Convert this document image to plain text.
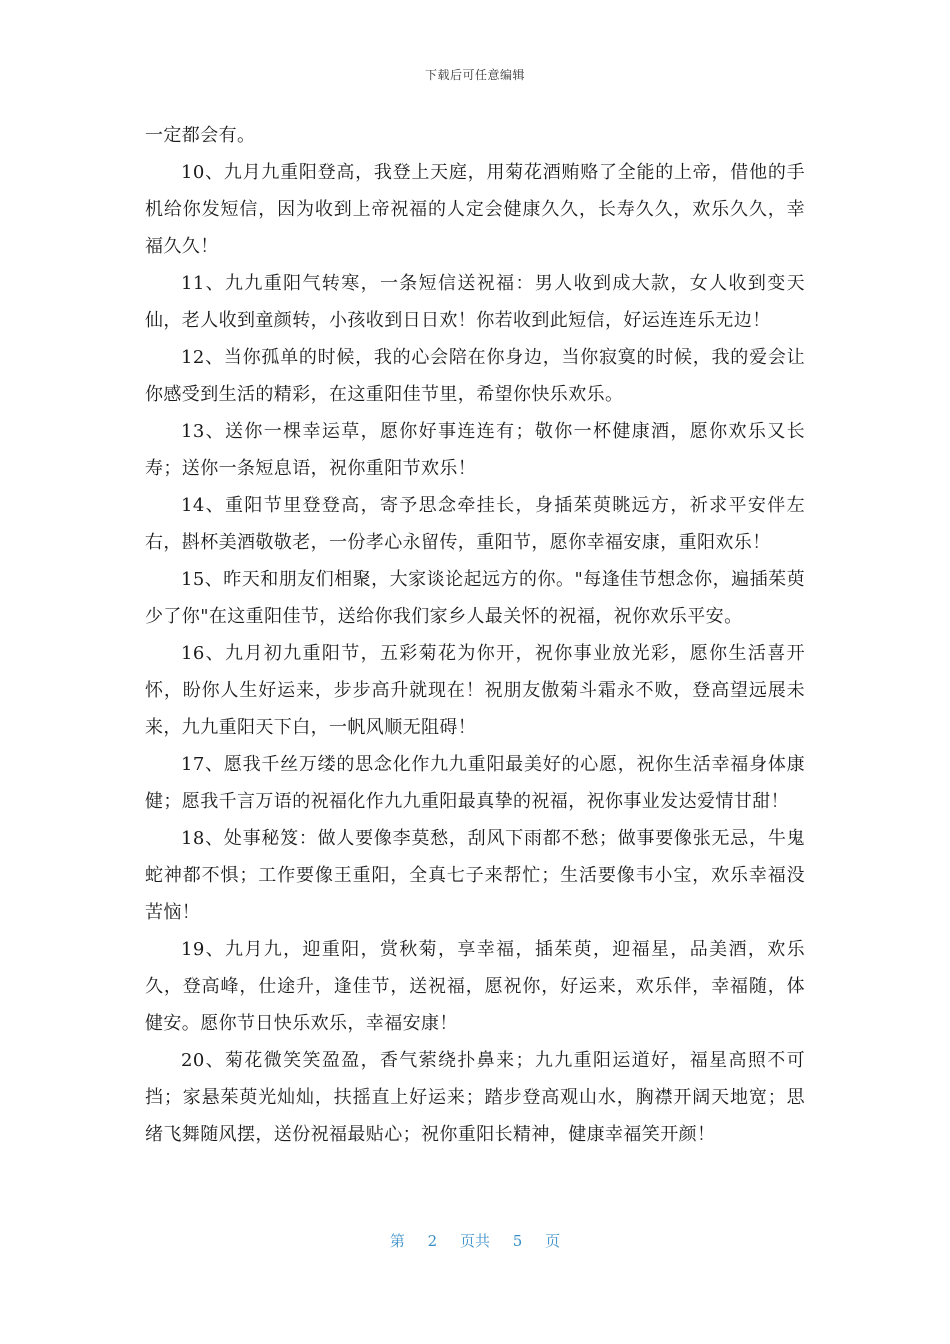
下载后可任意编辑

一定都会有。

10、九月九重阳登高，我登上天庭，用菊花酒贿赂了全能的上帝，借他的手机给你发短信，因为收到上帝祝福的人定会健康久久，长寿久久，欢乐久久，幸福久久！

11、九九重阳气转寒，一条短信送祝福：男人收到成大款，女人收到变天仙，老人收到童颜转，小孩收到日日欢！你若收到此短信，好运连连乐无边！

12、当你孤单的时候，我的心会陪在你身边，当你寂寞的时候，我的爱会让你感受到生活的精彩，在这重阳佳节里，希望你快乐欢乐。

13、送你一棵幸运草，愿你好事连连有；敬你一杯健康酒，愿你欢乐又长寿；送你一条短息语，祝你重阳节欢乐！

14、重阳节里登登高，寄予思念牵挂长，身插茱萸眺远方，祈求平安伴左右，斟杯美酒敬敬老，一份孝心永留传，重阳节，愿你幸福安康，重阳欢乐！

15、昨天和朋友们相聚，大家谈论起远方的你。"每逢佳节想念你，遍插茱萸少了你"在这重阳佳节，送给你我们家乡人最关怀的祝福，祝你欢乐平安。

16、九月初九重阳节，五彩菊花为你开，祝你事业放光彩，愿你生活喜开怀，盼你人生好运来，步步高升就现在！祝朋友傲菊斗霜永不败，登高望远展未来，九九重阳天下白，一帆风顺无阻碍！

17、愿我千丝万缕的思念化作九九重阳最美好的心愿，祝你生活幸福身体康健；愿我千言万语的祝福化作九九重阳最真挚的祝福，祝你事业发达爱情甘甜！

18、处事秘笈：做人要像李莫愁，刮风下雨都不愁；做事要像张无忌，牛鬼蛇神都不惧；工作要像王重阳，全真七子来帮忙；生活要像韦小宝，欢乐幸福没苦恼！

19、九月九，迎重阳，赏秋菊，享幸福，插茱萸，迎福星，品美酒，欢乐久，登高峰，仕途升，逢佳节，送祝福，愿祝你，好运来，欢乐伴，幸福随，体健安。愿你节日快乐欢乐，幸福安康！

20、菊花微笑笑盈盈，香气萦绕扑鼻来；九九重阳运道好，福星高照不可挡；家悬茱萸光灿灿，扶摇直上好运来；踏步登高观山水，胸襟开阔天地宽；思绪飞舞随风摆，送份祝福最贴心；祝你重阳长精神，健康幸福笑开颜！

第 2 页共 5 页
